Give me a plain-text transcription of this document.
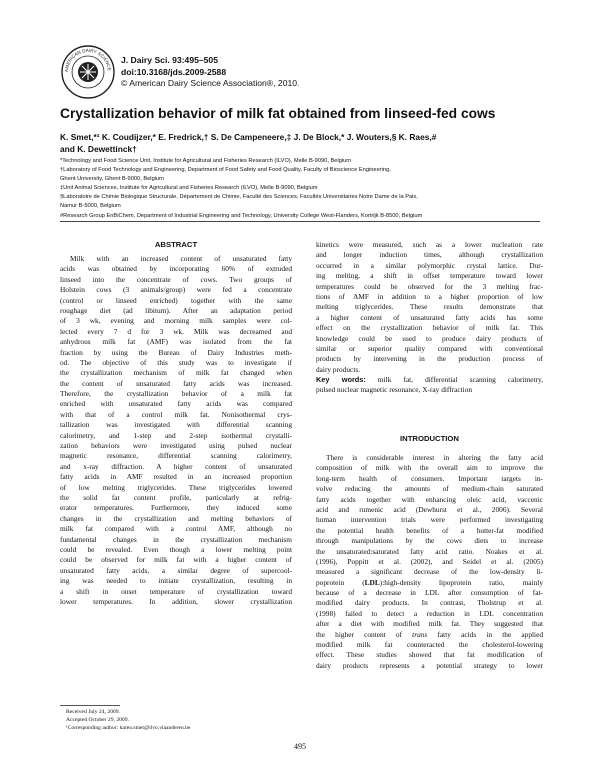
AMERICAN DAIRY SCIENCE
J. Dairy Sci. 93:495–505
doi:10.3168/jds.2009-2588
© American Dairy Science Association®, 2010.
Crystallization behavior of milk fat obtained from linseed-fed cows
K. Smet,*¹ K. Coudijzer,* E. Fredrick,† S. De Campeneere,‡ J. De Block,* J. Wouters,§ K. Raes,#
and K. Dewettinck†
*Technology and Food Science Unit, Institute for Agricultural and Fisheries Research (ILVO), Melle B-9090, Belgium
†Laboratory of Food Technology and Engineering, Department of Food Safety and Food Quality, Faculty of Bioscience Engineering,
Ghent University, Ghent B-9000, Belgium
‡Unit Animal Sciences, Institute for Agricultural and Fisheries Research (ILVO), Melle B-9090, Belgium
§Laboratoire de Chimie Biologique Structurale, Département de Chimie, Faculté des Sciences, Facultés Universitaires Notre Dame de la Paix,
Namur B-5000, Belgium
#Research Group EnBiChem, Department of Industrial Engineering and Technology, University College West-Flanders, Kortrijk B-8500, Belgium
ABSTRACT
Milk with an increased content of unsaturated fatty
acids was obtained by incorporating 60% of extruded
linseed into the concentrate of cows. Two groups of
Holstein cows (3 animals/group) were fed a concentrate
(control or linseed enriched) together with the same
roughage diet (ad libitum). After an adaptation period
of 3 wk, evening and morning milk samples were col-
lected every 7 d for 3 wk. Milk was decreamed and
anhydrous milk fat (AMF) was isolated from the fat
fraction by using the Bureau of Dairy Industries meth-
od. The objective of this study was to investigate if
the crystallization mechanism of milk fat changed when
the content of unsaturated fatty acids was increased.
Therefore, the crystallization behavior of a milk fat
enriched with unsaturated fatty acids was compared
with that of a control milk fat. Nonisothermal crys-
tallization was investigated with differential scanning
calorimetry, and 1-step and 2-step isothermal crystalli-
zation behaviors were investigated using pulsed nuclear
magnetic resonance, differential scanning calorimetry,
and x-ray diffraction. A higher content of unsaturated
fatty acids in AMF resulted in an increased proportion
of low melting triglycerides. These triglycerides lowered
the solid fat content profile, particularly at refrig-
erator temperatures. Furthermore, they induced some
changes in the crystallization and melting behaviors of
milk fat compared with a control AMF, although no
fundamental changes in the crystallization mechanism
could be revealed. Even though a lower melting point
could be observed for milk fat with a higher content of
unsaturated fatty acids, a similar degree of supercool-
ing was needed to initiate crystallization, resulting in
a shift in onset temperature of crystallization toward
lower temperatures. In addition, slower crystallization
kinetics were measured, such as a lower nucleation rate
and longer induction times, although crystallization
occurred in a similar polymorphic crystal lattice. Dur-
ing melting, a shift in offset temperature toward lower
temperatures could be observed for the 3 melting frac-
tions of AMF in addition to a higher proportion of low
melting triglycerides. These results demonstrate that
a higher content of unsaturated fatty acids has some
effect on the crystallization behavior of milk fat. This
knowledge could be used to produce dairy products of
similar or superior quality compared with conventional
products by intervening in the production process of
dairy products.
Key words: milk fat, differential scanning calorimetry,
pulsed nuclear magnetic resonance, X-ray diffraction
INTRODUCTION
There is considerable interest in altering the fatty acid
composition of milk with the overall aim to improve the
long-term health of consumers. Important targets in-
volve reducing the amounts of medium-chain saturated
fatty acids together with enhancing oleic acid, vaccenic
acid and rumenic acid (Dewhurst et al., 2006). Several
human intervention trials were performed investigating
the potential health benefits of a butter-fat modified
through manipulations by the cows diets to increase
the unsaturated:saturated fatty acid ratio. Noakes et al.
(1996), Poppitt et al. (2002), and Seidel et al. (2005)
measured a significant decrease of the low-density li-
poprotein (LDL):high-density lipoprotein ratio, mainly
because of a decrease in LDL after consumption of fat-
modified dairy products. In contrast, Tholstrup et al.
(1998) failed to detect a reduction in LDL concentration
after a diet with modified milk fat. They suggested that
the higher content of trans fatty acids in the applied
modified milk fat counteracted the cholesterol-lowering
effect. These studies showed that fat modification of
dairy products represents a potential strategy to lower
Received July 24, 2009.
Accepted October 29, 2009.
¹Corresponding author: karen.smet@ilvo.vlaanderen.be
495
